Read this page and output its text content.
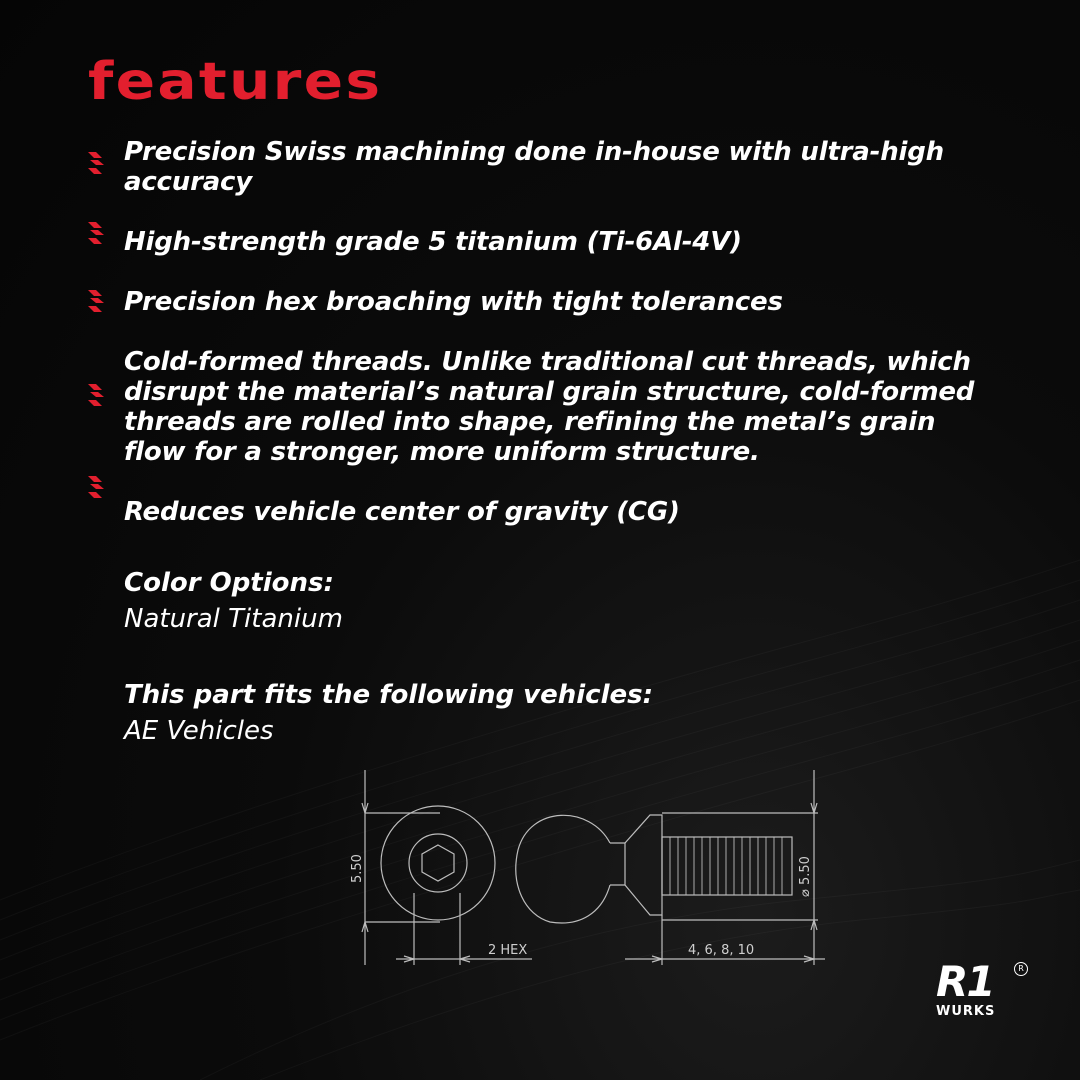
features
Precision Swiss machining done in-house with ultra-high accuracy
High-strength grade 5 titanium (Ti-6Al-4V)
Precision hex broaching with tight tolerances
Cold-formed threads. Unlike traditional cut threads, which disrupt the material’s natural grain structure, cold-formed threads are rolled into shape, refining the metal’s grain flow for a stronger, more uniform structure.
Reduces vehicle center of gravity (CG)
Color Options:
Natural Titanium
This part fits the following vehicles:
AE Vehicles
5.50
2 HEX
⌀ 5.50
4, 6, 8, 10
R1	R
WURKS
